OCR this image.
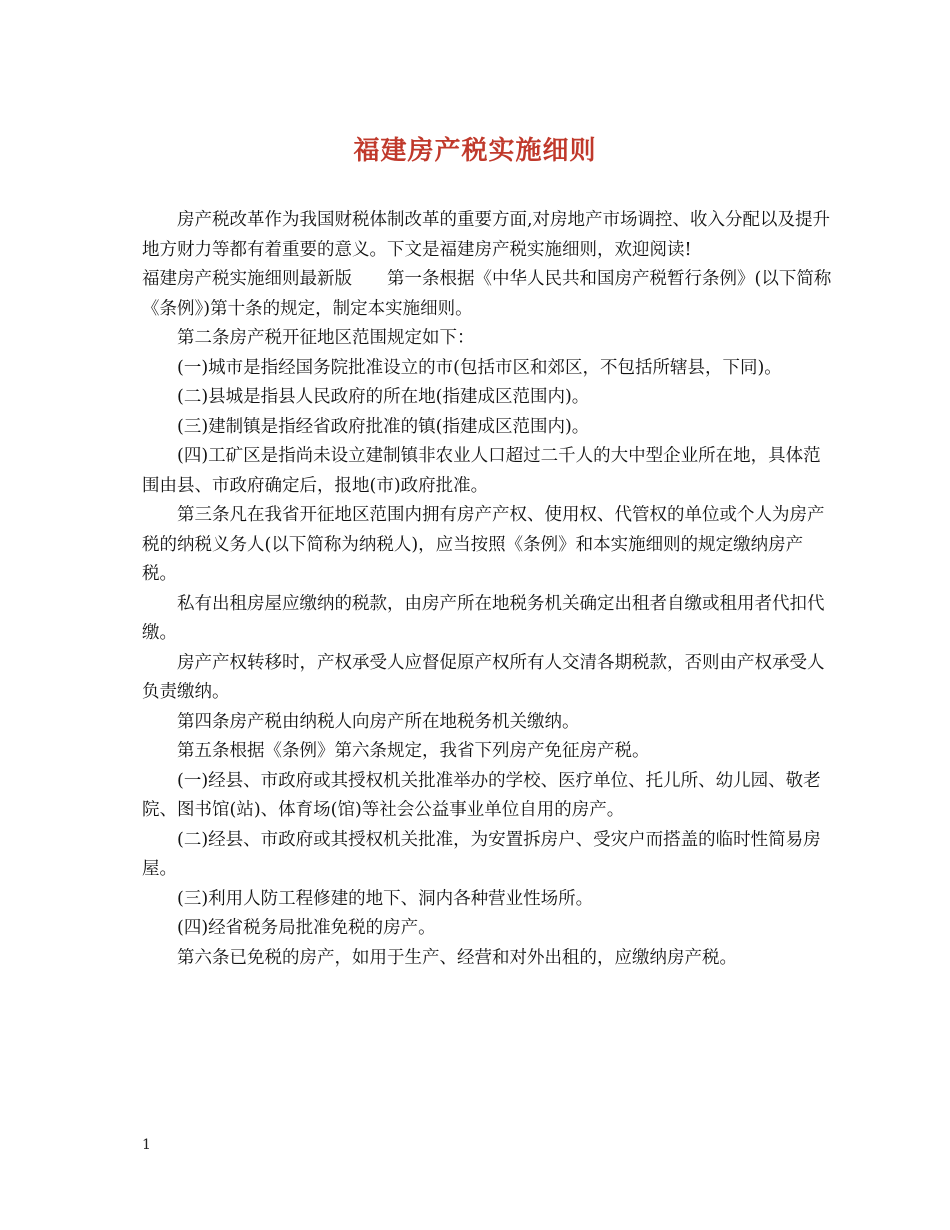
福建房产税实施细则

房产税改革作为我国财税体制改革的重要方面,对房地产市场调控、收入分配以及提升地方财力等都有着重要的意义。下文是福建房产税实施细则，欢迎阅读!

福建房产税实施细则最新版　　第一条根据《中华人民共和国房产税暂行条例》(以下简称《条例》)第十条的规定，制定本实施细则。

第二条房产税开征地区范围规定如下：

(一)城市是指经国务院批准设立的市(包括市区和郊区，不包括所辖县，下同)。

(二)县城是指县人民政府的所在地(指建成区范围内)。

(三)建制镇是指经省政府批准的镇(指建成区范围内)。

(四)工矿区是指尚未设立建制镇非农业人口超过二千人的大中型企业所在地，具体范围由县、市政府确定后，报地(市)政府批准。

第三条凡在我省开征地区范围内拥有房产产权、使用权、代管权的单位或个人为房产税的纳税义务人(以下简称为纳税人)，应当按照《条例》和本实施细则的规定缴纳房产税。

私有出租房屋应缴纳的税款，由房产所在地税务机关确定出租者自缴或租用者代扣代缴。

房产产权转移时，产权承受人应督促原产权所有人交清各期税款，否则由产权承受人负责缴纳。

第四条房产税由纳税人向房产所在地税务机关缴纳。

第五条根据《条例》第六条规定，我省下列房产免征房产税。

(一)经县、市政府或其授权机关批准举办的学校、医疗单位、托儿所、幼儿园、敬老院、图书馆(站)、体育场(馆)等社会公益事业单位自用的房产。

(二)经县、市政府或其授权机关批准，为安置拆房户、受灾户而搭盖的临时性简易房屋。

(三)利用人防工程修建的地下、洞内各种营业性场所。

(四)经省税务局批准免税的房产。

第六条已免税的房产，如用于生产、经营和对外出租的，应缴纳房产税。

1
